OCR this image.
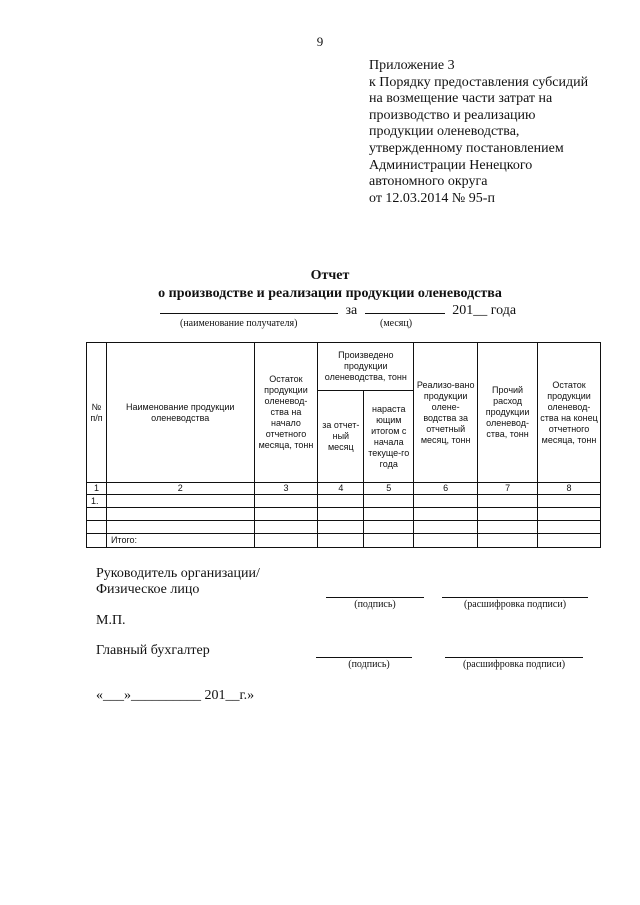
9
Приложение 3
к Порядку предоставления субсидий
на возмещение части затрат на
производство и реализацию
продукции оленеводства,
утвержденному постановлением
Администрации Ненецкого
автономного округа
от 12.03.2014 № 95-п
Отчет
о производстве и реализации продукции оленеводства
за	201__ года
(наименование получателя)	(месяц)
№ п/п	Наименование продукции оленеводства	Остаток продукции оленевод-ства на начало отчетного месяца, тонн	Произведено продукции оленеводства, тонн		Реализо-вано продукции олене-водства за отчетный месяц, тонн	Прочий расход продукции оленевод-ства, тонн	Остаток продукции оленевод-ства на конец отчетного месяца, тонн
			за отчет-ный месяц	нараста ющим итогом с начала текуще-го года			
1	2	3	4	5	6	7	8
1.							

	Итого:						
Руководитель организации/
Физическое лицо
(подпись)	(расшифровка подписи)
М.П.
Главный бухгалтер
(подпись)	(расшифровка подписи)
«___»__________ 201__г.»
